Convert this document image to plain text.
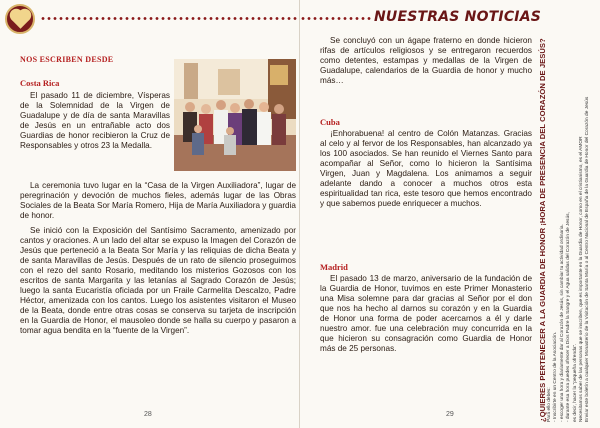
NOS ESCRIBEN DESDE
Costa Rica

El pasado 11 de diciembre, Vísperas de la Solemnidad de la Virgen de Guadalupe y de día de santa Maravillas de Jesús en un entrañable acto dos Guardias de honor recibieron la Cruz de Responsables y otros 23 la Medalla.

La ceremonia tuvo lugar en la “Casa de la Virgen Auxiliadora”, lugar de peregrinación y devoción de muchos fieles, además lugar de las Obras Sociales de la Beata Sor María Romero, Hija de María Auxiliadora y guardia de honor.

Se inició con la Exposición del Santísimo Sacramento, amenizado por cantos y oraciones. A un lado del altar se expuso la Imagen del Corazón de Jesús que perteneció a la Beata Sor María y las reliquias de dicha Beata y de santa Maravillas de Jesús. Después de un rato de silencio proseguimos con el rezo del santo Rosario, meditando los misterios Gozosos con los escritos de santa Margarita y las letanías al Sagrado Corazón de Jesús; luego la santa Eucaristía oficiada por un Fraile Carmelita Descalzo, Padre Héctor, amenizada con los cantos. Luego los asistentes visitaron el Museo de la Beata, donde entre otras cosas se conserva su tarjeta de inscripción en la Guardia de Honor, el mausoleo donde se halla su cuerpo y pasaron a tomar agua bendita en la “fuente de la Virgen”.

28	29
NUESTRAS NOTICIAS

Se concluyó con un ágape fraterno en donde hicieron rifas de artículos religiosos y se entregaron recuerdos como detentes, estampas y medallas de la Virgen de Guadalupe, calendarios de la Guardia de honor y mucho más…

Cuba

¡Enhorabuena! al centro de Colón Matanzas. Gracias al celo y al fervor de los Responsables, han alcanzado ya los 100 asociados. Se han reunido el Viernes Santo para acompañar al Señor, como lo hicieron la Santísima Virgen, Juan y Magdalena. Los animamos a seguir adelante dando a conocer a muchos otros esta espiritualidad tan rica, este tesoro que hemos encontrado y que sabemos puede enriquecer a muchos.

Madrid

El pasado 13 de marzo, aniversario de la fundación de la Guardia de Honor, tuvimos en este Primer Monasterio una Misa solemne para dar gracias al Señor por el don que nos ha hecho al darnos su corazón y en la Guardia de Honor una forma de poder acercarnos a él y darle nuestro amor. fue una celebración muy concurrida en la que hicieron su consagración como Guardia de Honor más de 25 personas.	¿QUIERES PERTENECER A LA GUARDIA DE HONOR ¡HORA DE PRESENCIA DEL CORAZÓN DE JESÚS? Para ello debes: - Inscribirte en un Centro de la Asociación. - escoger una hora y diariamente dar al Corazón de Jesús, sin cambiar tu actividad ordinaria. - durante esa hora puedes ofrecer a Dios Padre la Sangre y el Agua salidas del Corazón de Jesús, es decir, hacer la “pequeña ofrenda”. Necesitamos saber de las personas que se inscriben, que es importante en la Guardia de Honor, como en el cristianismo, es el AMOR Enviar este boletín a cualquier Monasterio de la Visitación de Santa María o al Centro Nacional de España de la Guardia de Honor del Corazón de Jesús
